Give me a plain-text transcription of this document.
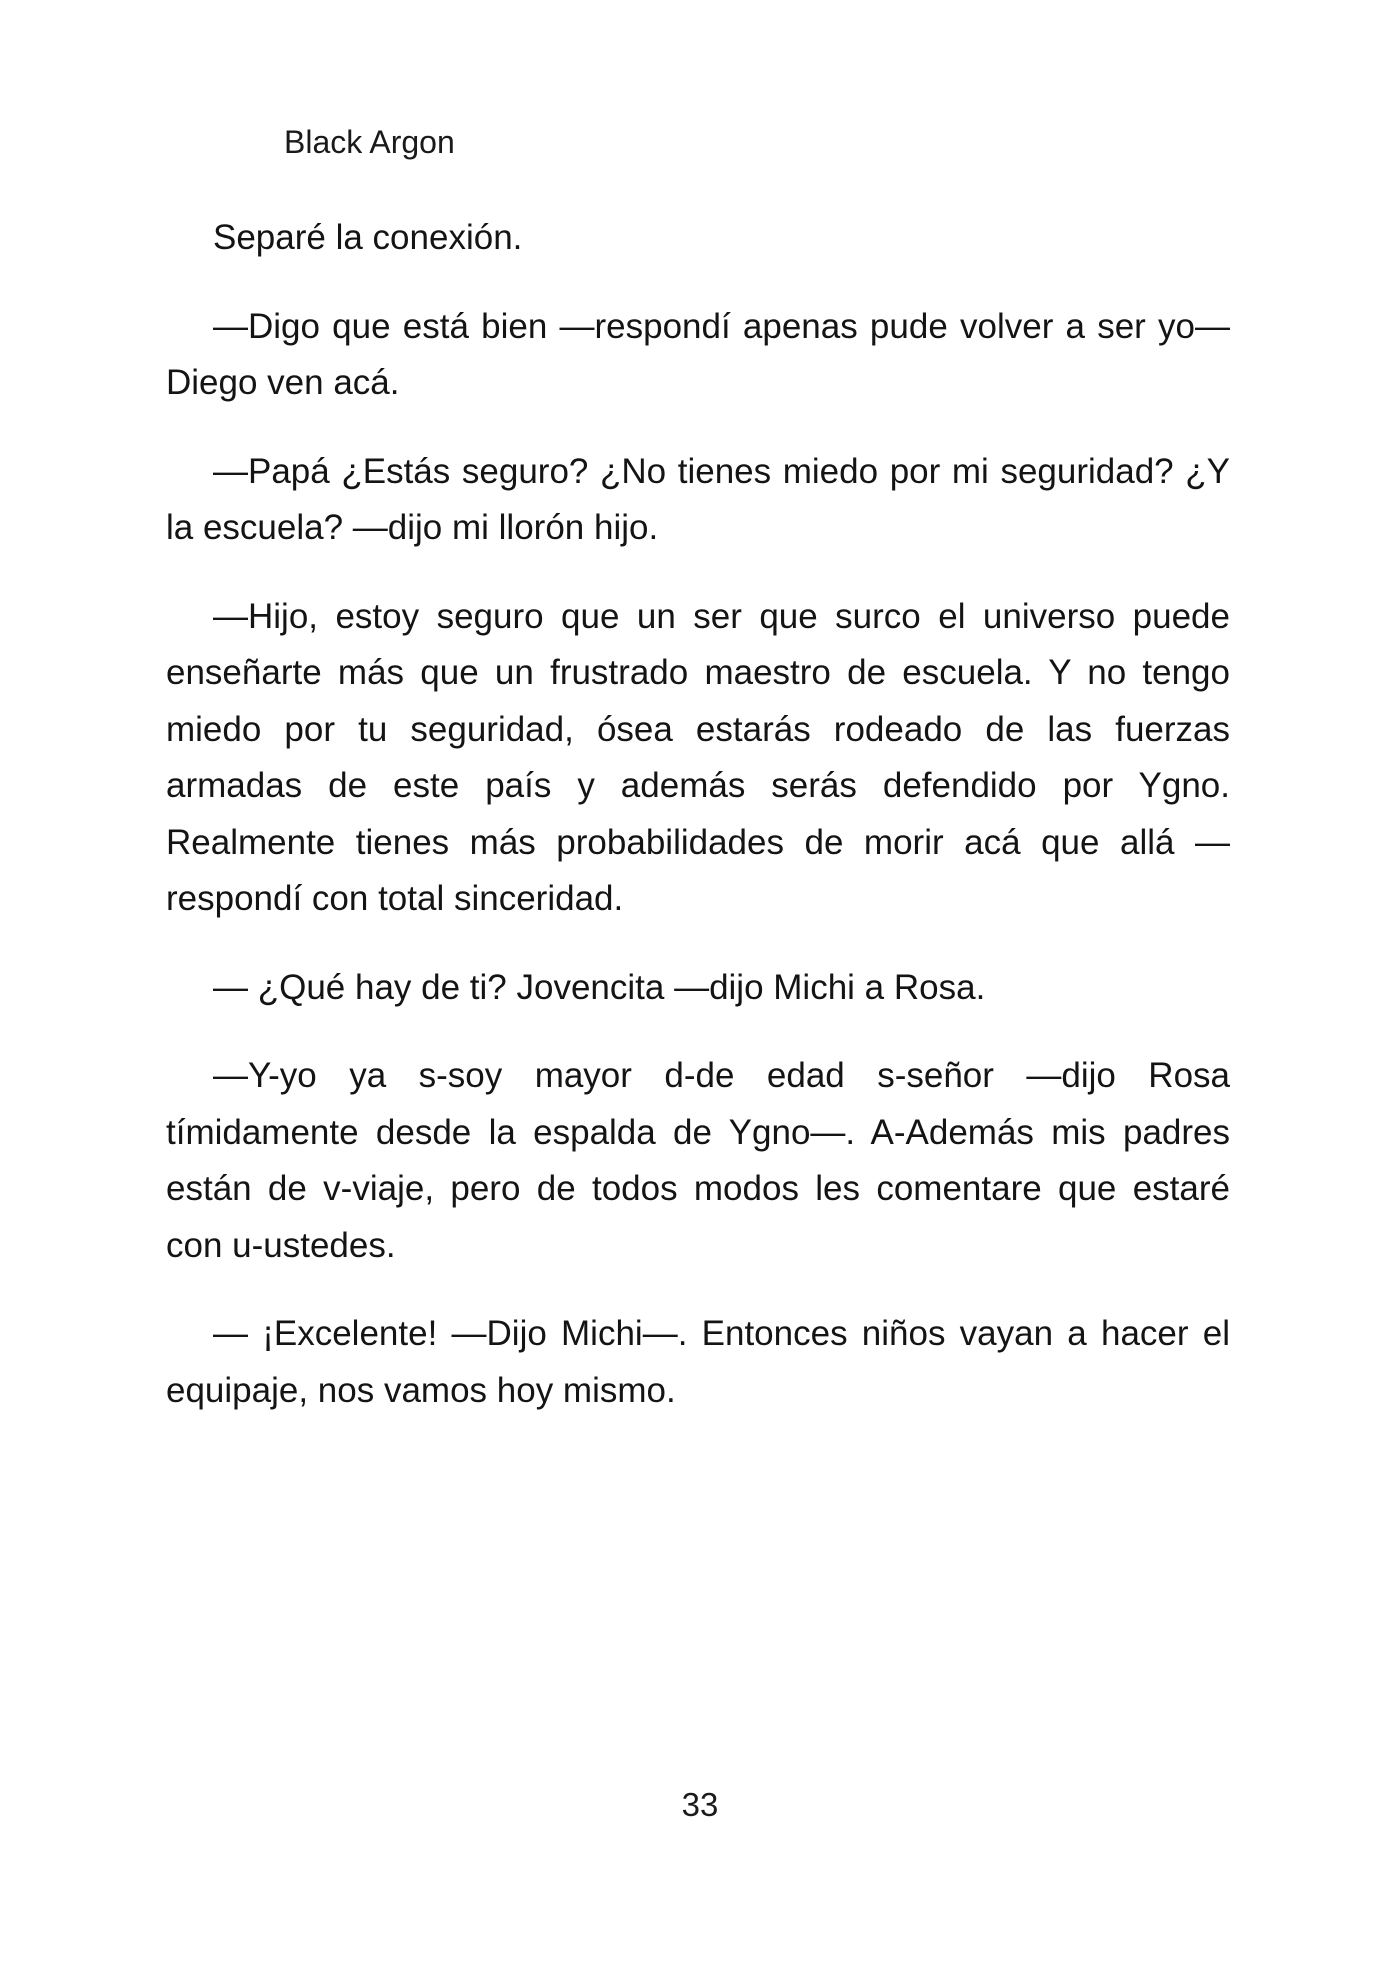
Black Argon

Separé la conexión.

—Digo que está bien —respondí apenas pude volver a ser yo—Diego ven acá.

—Papá ¿Estás seguro? ¿No tienes miedo por mi seguridad? ¿Y la escuela? —dijo mi llorón hijo.

—Hijo, estoy seguro que un ser que surco el universo puede enseñarte más que un frustrado maestro de escuela. Y no tengo miedo por tu seguridad, ósea estarás rodeado de las fuerzas armadas de este país y además serás defendido por Ygno. Realmente tienes más probabilidades de morir acá que allá —respondí con total sinceridad.

— ¿Qué hay de ti? Jovencita —dijo Michi a Rosa.

—Y-yo ya s-soy mayor d-de edad s-señor —dijo Rosa tímidamente desde la espalda de Ygno—. A-Además mis padres están de v-viaje, pero de todos modos les comentare que estaré con u-ustedes.

— ¡Excelente! —Dijo Michi—. Entonces niños vayan a hacer el equipaje, nos vamos hoy mismo.

33
